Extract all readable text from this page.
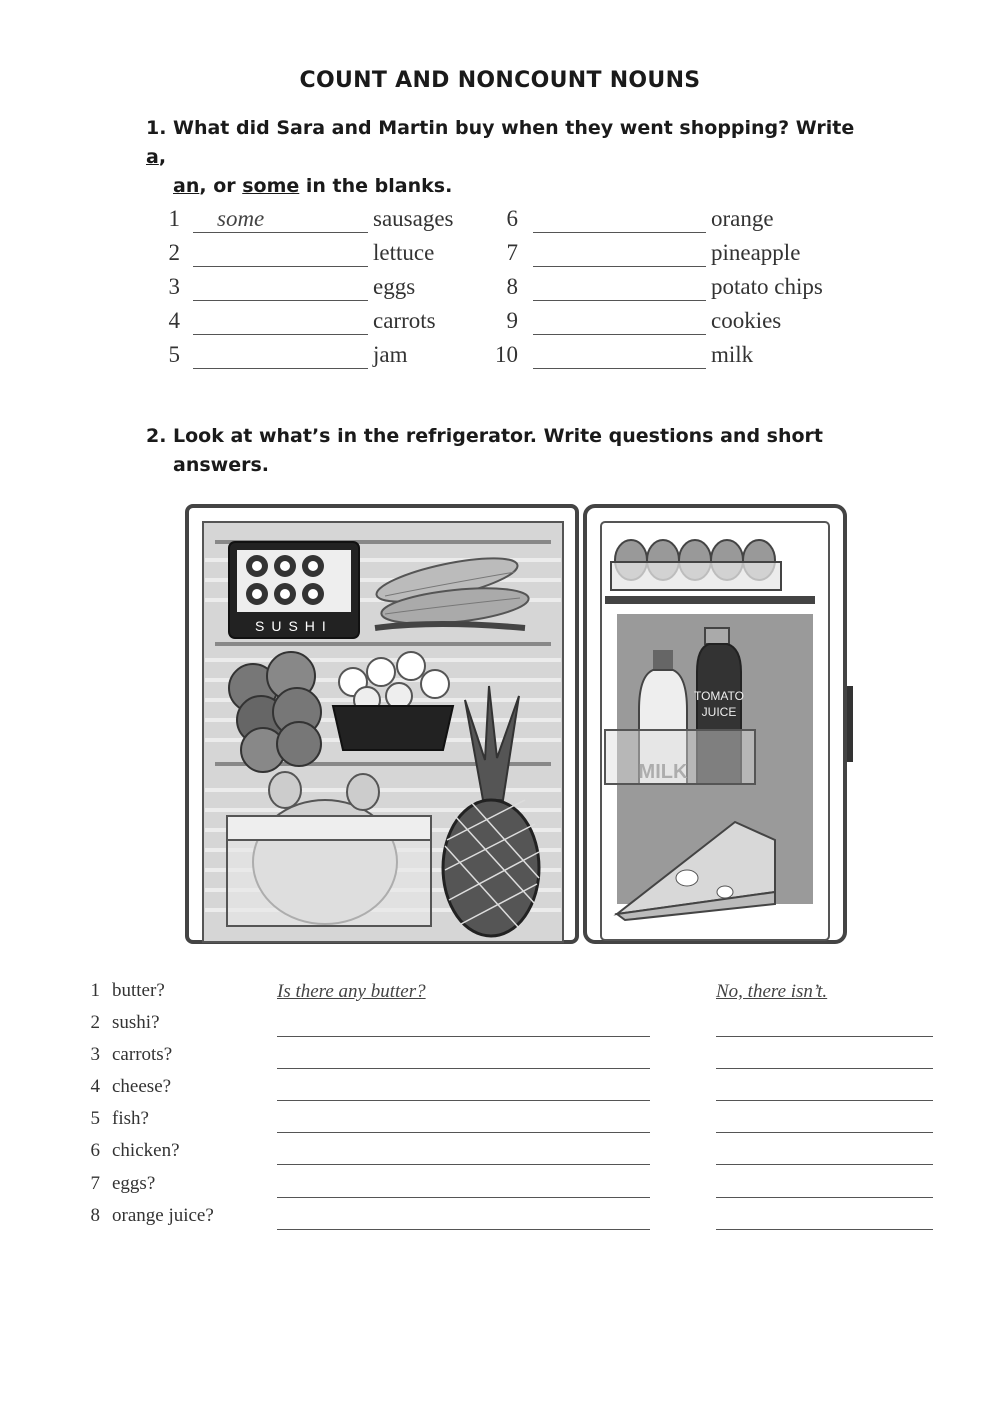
COUNT AND NONCOUNT NOUNS
1. What did Sara and Martin buy when they went shopping? Write a,
an, or some in the blanks.
1 some	sausages
2	lettuce
3	eggs
4	carrots
5	jam
6	orange
7	pineapple
8	potato chips
9	cookies
10	milk
2. Look at what’s in the refrigerator. Write questions and short
answers.
SUSHI
MILK
TOMATO
JUICE
1 butter?	Is there any butter?	No, there isn’t.
2 sushi?
3 carrots?
4 cheese?
5 fish?
6 chicken?
7 eggs?
8 orange juice?
